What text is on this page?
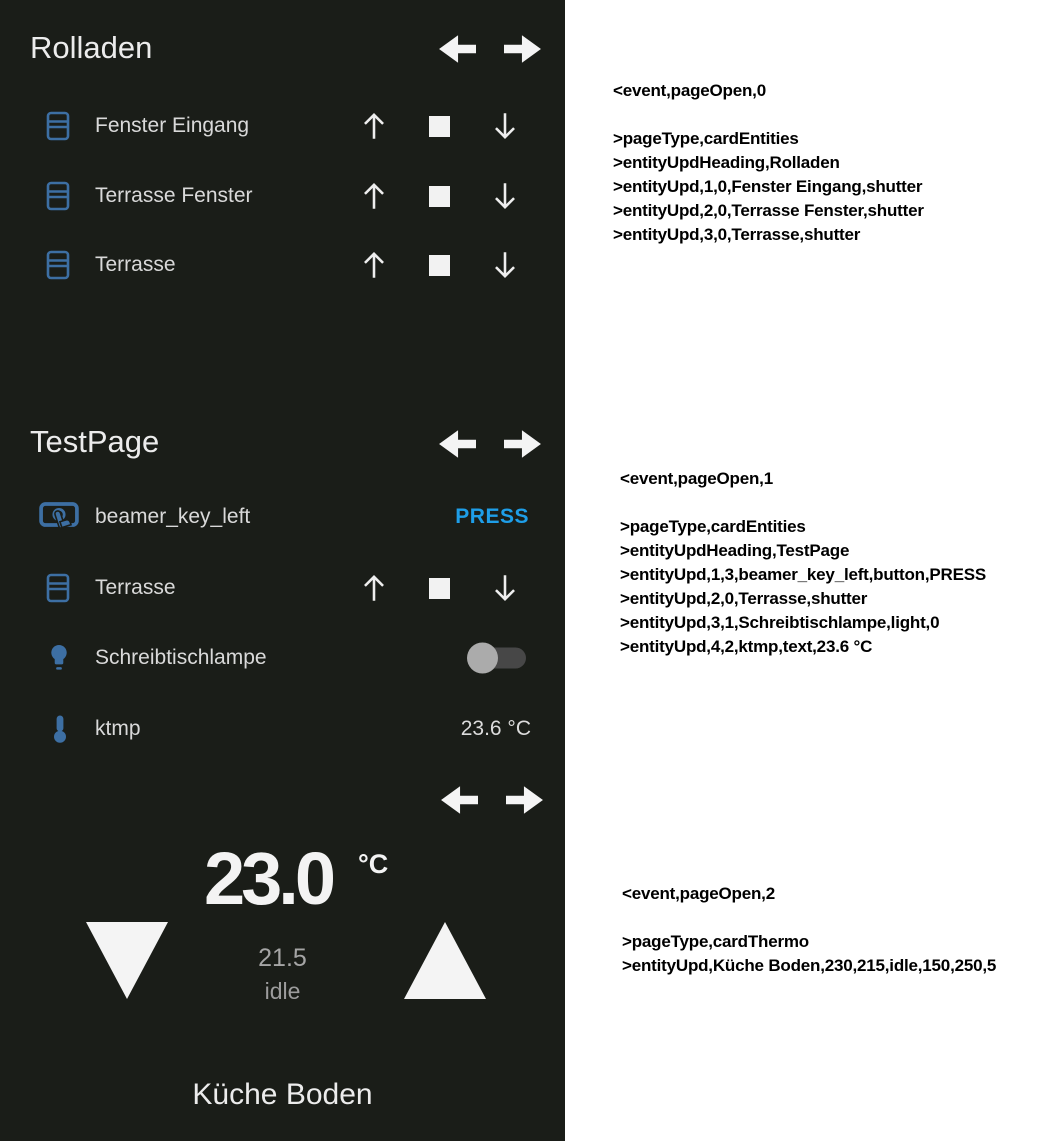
Rolladen
Fenster Eingang
Terrasse Fenster
Terrasse
TestPage
beamer_key_left	PRESS
Terrasse
Schreibtischlampe
ktmp	23.6 °C
23.0 °C
21.5
idle
Küche Boden

<event,pageOpen,0

>pageType,cardEntities

>entityUpdHeading,Rolladen

>entityUpd,1,0,Fenster Eingang,shutter

>entityUpd,2,0,Terrasse Fenster,shutter

>entityUpd,3,0,Terrasse,shutter

<event,pageOpen,1

>pageType,cardEntities

>entityUpdHeading,TestPage

>entityUpd,1,3,beamer_key_left,button,PRESS

>entityUpd,2,0,Terrasse,shutter

>entityUpd,3,1,Schreibtischlampe,light,0

>entityUpd,4,2,ktmp,text,23.6 °C

<event,pageOpen,2

>pageType,cardThermo

>entityUpd,Küche Boden,230,215,idle,150,250,5
